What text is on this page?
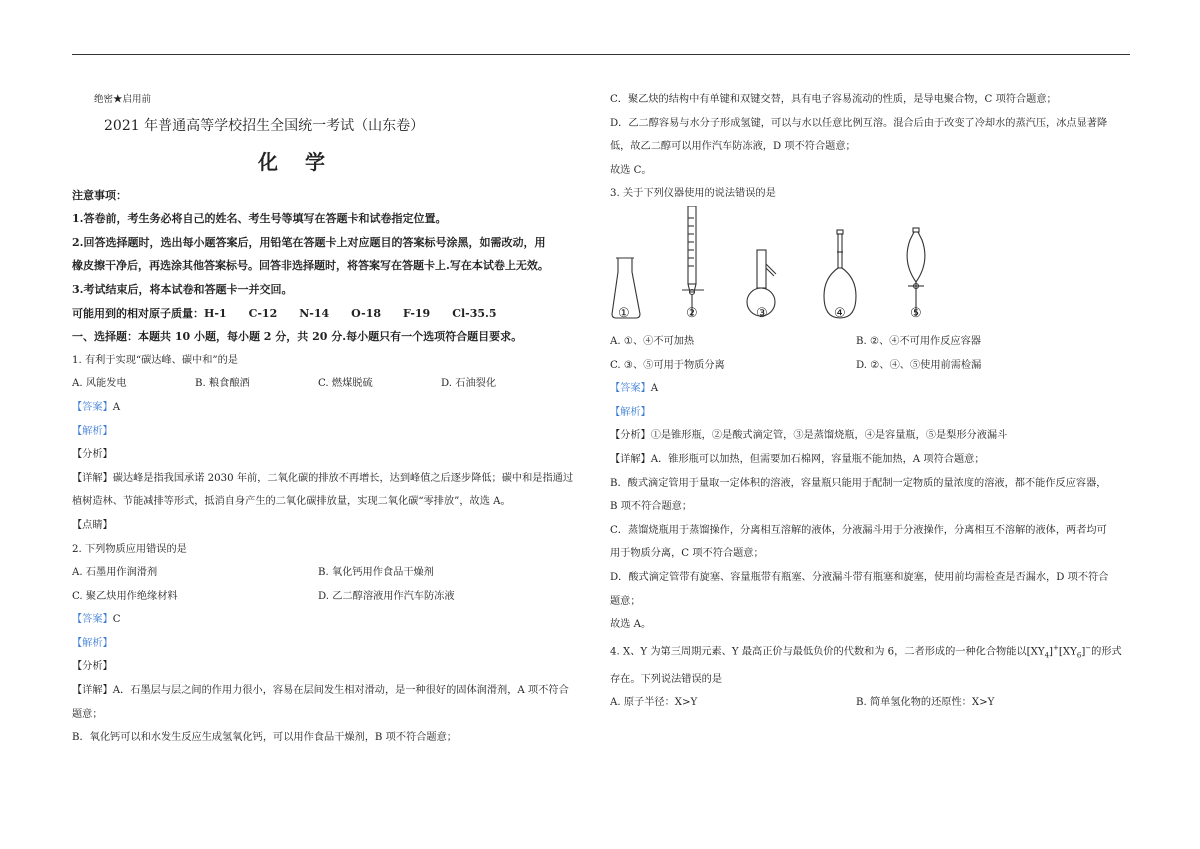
绝密★启用前
2021 年普通高等学校招生全国统一考试（山东卷）
化 学
注意事项：
1.答卷前，考生务必将自己的姓名、考生号等填写在答题卡和试卷指定位置。
2.回答选择题时，选出每小题答案后，用铅笔在答题卡上对应题目的答案标号涂黑，如需改动，用
橡皮擦干净后，再选涂其他答案标号。回答非选择题时，将答案写在答题卡上.写在本试卷上无效。
3.考试结束后，将本试卷和答题卡一并交回。
可能用到的相对原子质量：H-1　　C-12　　N-14　　O-18　　F-19　　Cl-35.5
一、选择题：本题共 10 小题，每小题 2 分，共 20 分.每小题只有一个选项符合题目要求。
1. 有利于实现“碳达峰、碳中和”的是
A. 风能发电	B. 粮食酿酒	C. 燃煤脱硫	D. 石油裂化
【答案】A
【解析】
【分析】
【详解】碳达峰是指我国承诺 2030 年前，二氧化碳的排放不再增长，达到峰值之后逐步降低；碳中和是指通过
植树造林、节能减排等形式，抵消自身产生的二氧化碳排放量，实现二氧化碳“零排放”，故选 A。
【点睛】
2. 下列物质应用错误的是
A. 石墨用作润滑剂	B. 氧化钙用作食品干燥剂
C. 聚乙炔用作绝缘材料	D. 乙二醇溶液用作汽车防冻液
【答案】C
【解析】
【分析】
【详解】A．石墨层与层之间的作用力很小，容易在层间发生相对滑动，是一种很好的固体润滑剂，A 项不符合
题意；
B．氧化钙可以和水发生反应生成氢氧化钙，可以用作食品干燥剂，B 项不符合题意；
C．聚乙炔的结构中有单键和双键交替，具有电子容易流动的性质，是导电聚合物，C 项符合题意；
D．乙二醇容易与水分子形成氢键，可以与水以任意比例互溶。混合后由于改变了冷却水的蒸汽压，冰点显著降
低，故乙二醇可以用作汽车防冻液，D 项不符合题意；
故选 C。
3. 关于下列仪器使用的说法错误的是
①	②	③	④	⑤
A. ①、④不可加热	B. ②、④不可用作反应容器
C. ③、⑤可用于物质分离	D. ②、④、⑤使用前需检漏
【答案】A
【解析】
【分析】①是锥形瓶，②是酸式滴定管，③是蒸馏烧瓶，④是容量瓶，⑤是梨形分液漏斗
【详解】A．锥形瓶可以加热，但需要加石棉网，容量瓶不能加热，A 项符合题意；
B．酸式滴定管用于量取一定体积的溶液，容量瓶只能用于配制一定物质的量浓度的溶液，都不能作反应容器，
B 项不符合题意；
C．蒸馏烧瓶用于蒸馏操作，分离相互溶解的液体，分液漏斗用于分液操作，分离相互不溶解的液体，两者均可
用于物质分离，C 项不符合题意；
D．酸式滴定管带有旋塞、容量瓶带有瓶塞、分液漏斗带有瓶塞和旋塞，使用前均需检查是否漏水，D 项不符合
题意；
故选 A。
4. X、Y 为第三周期元素、Y 最高正价与最低负价的代数和为 6，二者形成的一种化合物能以$[XY_4]^+[XY_6]^-$的形式
存在。下列说法错误的是
A. 原子半径：X>Y	B. 简单氢化物的还原性：X>Y
